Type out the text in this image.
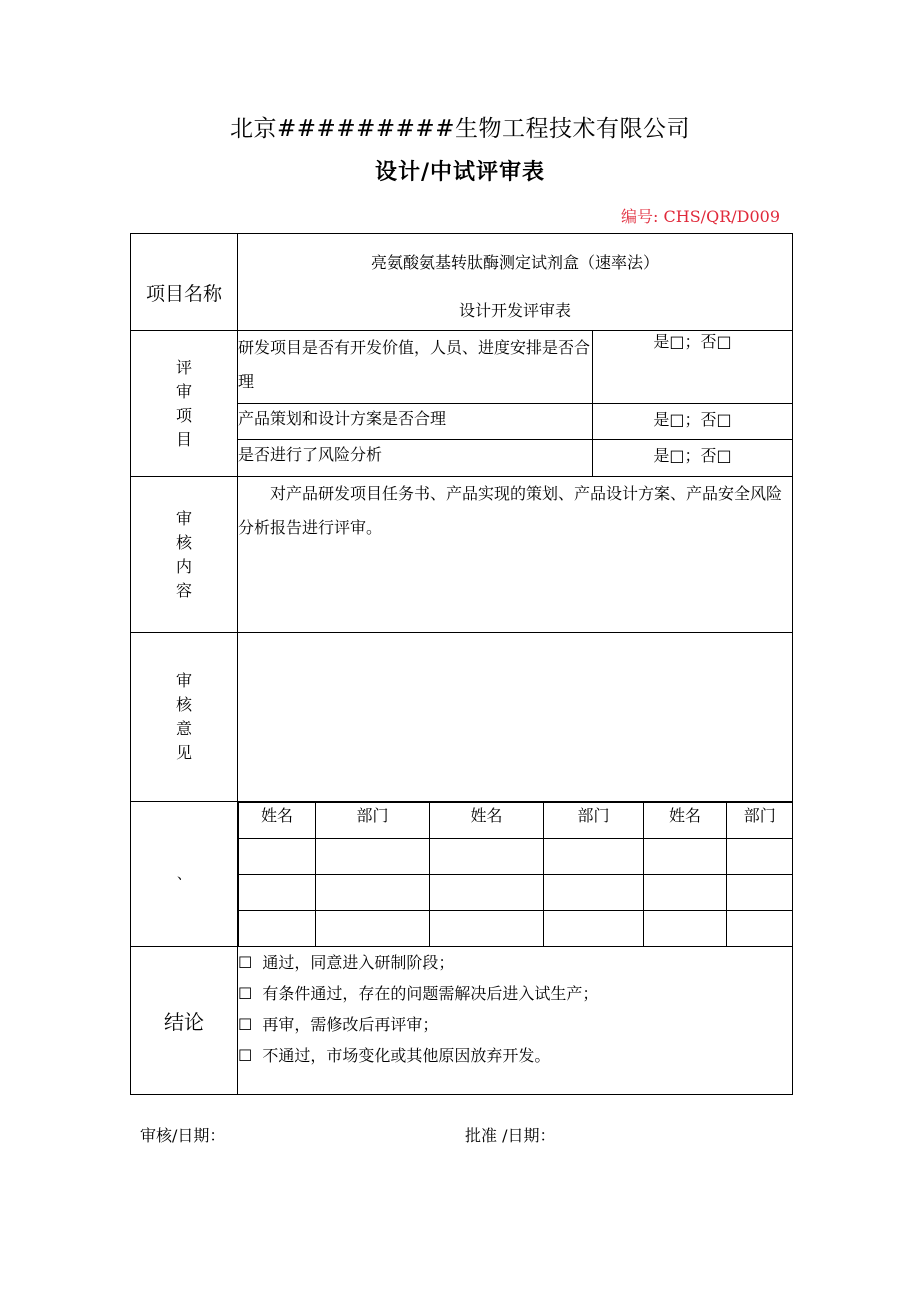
北京#########生物工程技术有限公司
设计/中试评审表
编号: CHS/QR/D009
项目名称	
亮氨酸氨基转肽酶测定试剂盒（速率法）
设计开发评审表

评
审
项
目
	研发项目是否有开发价值，人员、进度安排是否合理	是□；否□
产品策划和设计方案是否合理	是□；否□
是否进行了风险分析	是□；否□

审
核
内
容
	对产品研发项目任务书、产品实现的策划、产品设计方案、产品安全风险分析报告进行评审。

审
核
意
见

、	
姓名	部门	姓名	部门	姓名	部门

结论	
☐ 通过，同意进入研制阶段；
☐ 有条件通过，存在的问题需解决后进入试生产；
☐ 再审，需修改后再评审；
☐ 不通过，市场变化或其他原因放弃开发。
审核/日期：	批准 /日期：
